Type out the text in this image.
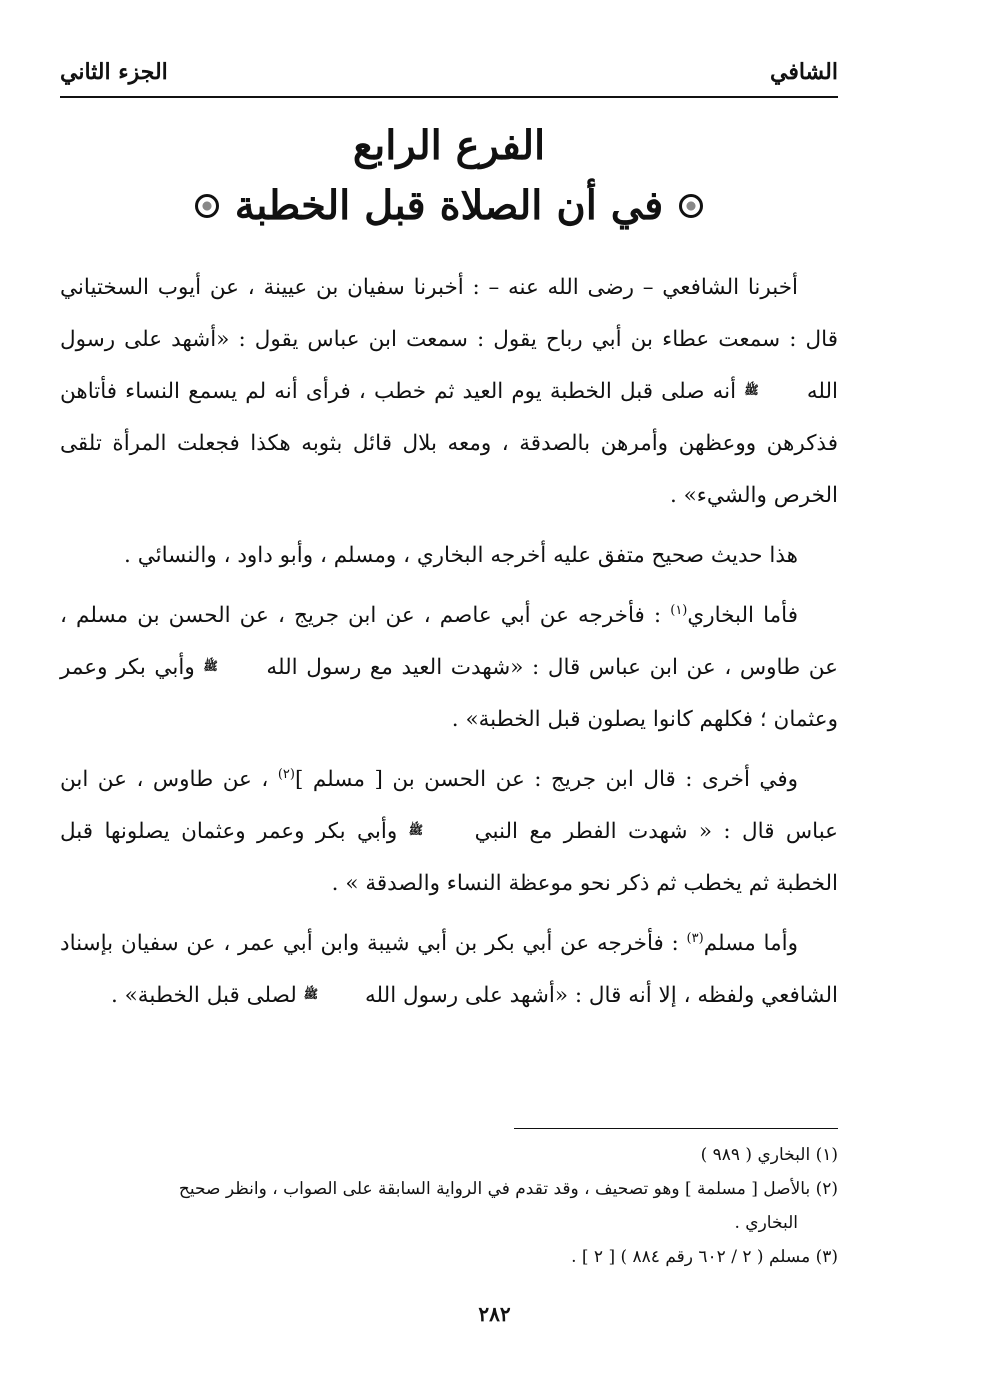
الشافي
الجزء الثاني
الفرع الرابع
في أن الصلاة قبل الخطبة

أخبرنا الشافعي – رضى الله عنه – : أخبرنا سفيان بن عيينة ، عن أيوب السختياني قال : سمعت عطاء بن أبي رباح يقول : سمعت ابن عباس يقول : «أشهد على رسول الله ﷺ أنه صلى قبل الخطبة يوم العيد ثم خطب ، فرأى أنه لم يسمع النساء فأتاهن فذكرهن ووعظهن وأمرهن بالصدقة ، ومعه بلال قائل بثوبه هكذا فجعلت المرأة تلقى الخرص والشيء» .

هذا حديث صحيح متفق عليه أخرجه البخاري ، ومسلم ، وأبو داود ، والنسائي .

فأما البخاري$^{(١)}$ : فأخرجه عن أبي عاصم ، عن ابن جريج ، عن الحسن بن مسلم ، عن طاوس ، عن ابن عباس قال : «شهدت العيد مع رسول الله ﷺ وأبي بكر وعمر وعثمان ؛ فكلهم كانوا يصلون قبل الخطبة» .

وفي أخرى : قال ابن جريج : عن الحسن بن [ مسلم ]$^{(٢)}$ ، عن طاوس ، عن ابن عباس قال : « شهدت الفطر مع النبي ﷺ وأبي بكر وعمر وعثمان يصلونها قبل الخطبة ثم يخطب ثم ذكر نحو موعظة النساء والصدقة » .

وأما مسلم$^{(٣)}$ : فأخرجه عن أبي بكر بن أبي شيبة وابن أبي عمر ، عن سفيان بإسناد الشافعي ولفظه ، إلا أنه قال : «أشهد على رسول الله ﷺ لصلى قبل الخطبة» .

(١) البخاري ( ٩٨٩ )

(٢) بالأصل [ مسلمة ] وهو تصحيف ، وقد تقدم في الرواية السابقة على الصواب ، وانظر صحيح

البخاري .

(٣) مسلم ( ٢ / ٦٠٢ رقم ٨٨٤ ) [ ٢ ] .

٢٨٢
